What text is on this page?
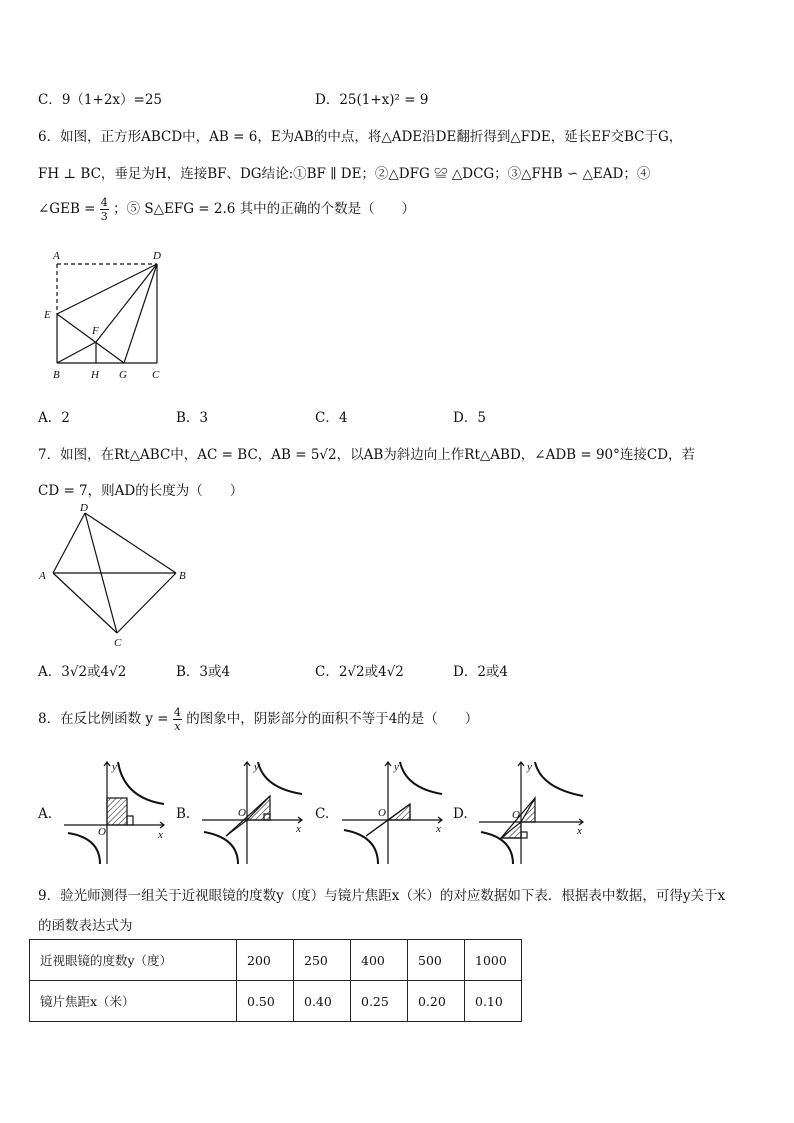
C．9（1+2x）=25	D．25(1+x)² = 9
6．如图，正方形ABCD中，AB = 6，E为AB的中点，将△ADE沿DE翻折得到△FDE，延长EF交BC于G，
FH ⊥ BC，垂足为H，连接BF、DG结论:①BF ∥ DE；②△DFG ≌ △DCG；③△FHB ∽ △EAD；④
∠GEB = $\frac{4}{3}$ ；⑤ S△EFG = 2.6 其中的正确的个数是（　　）
A	D
E
F
B	H G C
A．2	B．3	C．4	D．5
7．如图，在Rt△ABC中，AC = BC，AB = 5√2，以AB为斜边向上作Rt△ABD，∠ADB = 90°连接CD，若
CD = 7，则AD的长度为（　　）
D
A	B
C
A．3√2或4√2	B．3或4	C．2√2或4√2	D．2或4
8．在反比例函数 $y = \frac{4}{x}$ 的图象中，阴影部分的面积不等于4的是（　　）
A.	B.	C.	D.
y
x
O
y
x
O
y
x
O
y
x
O
9．验光师测得一组关于近视眼镜的度数y（度）与镜片焦距x（米）的对应数据如下表．根据表中数据，可得y关于x
的函数表达式为
近视眼镜的度数y（度）	200	250	400	500	1000
镜片焦距x（米）	0.50	0.40	0.25	0.20	0.10
